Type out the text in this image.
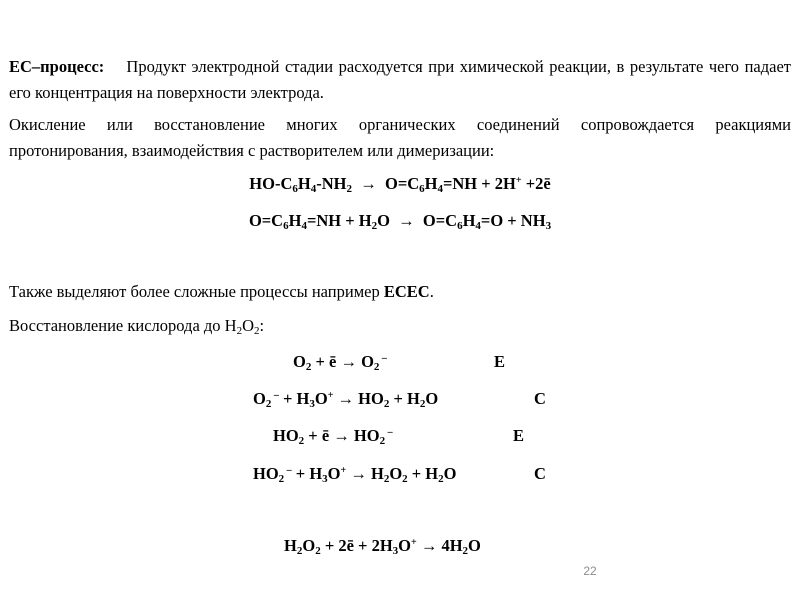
ЕС–процесс: Продукт электродной стадии расходуется при химической реакции, в результате чего падает его концентрация на поверхности электрода.
Окисление или восстановление многих органических соединений сопровождается реакциями протонирования, взаимодействия с растворителем или димеризации:
$HO-C_6H_4-NH_2 \to O=C_6H_4=NH + 2H^+$ +2ē
$O=C_6H_4=NH + H_2O \to O=C_6H_4=O + NH_3$
Также выделяют более сложные процессы например ЕСЕС.
Восстановление кислорода до $H_2O_2$:
$O_2$ + ē → $O_2$ –	E
$O_2$ $^- + H_3O^+ \to HO_2 + H_2O$	C
$HO_2$ + ē → $HO_2$ –	E
$HO_2$ $^- + H_3O^+ \to H_2O_2 + H_2O$	C
$H_2O_2$ + 2ē + $2H_3O^+ \to 4H_2O$
22
